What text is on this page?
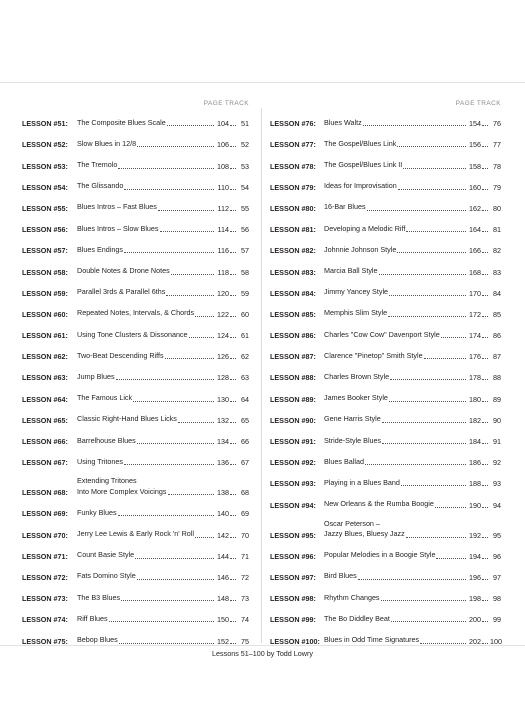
PAGE TRACK
LESSON #51: The Composite Blues Scale	104	51
LESSON #52: Slow Blues in 12/8	106	52
LESSON #53: The Tremolo	108	53
LESSON #54: The Glissando	110	54
LESSON #55: Blues Intros – Fast Blues	112	55
LESSON #56: Blues Intros – Slow Blues	114	56
LESSON #57: Blues Endings	116	57
LESSON #58: Double Notes & Drone Notes	118	58
LESSON #59: Parallel 3rds & Parallel 6ths	120	59
LESSON #60: Repeated Notes, Intervals, & Chords	122	60
LESSON #61: Using Tone Clusters & Dissonance	124	61
LESSON #62: Two-Beat Descending Riffs	126	62
LESSON #63: Jump Blues	128	63
LESSON #64: The Famous Lick	130	64
LESSON #65: Classic Right-Hand Blues Licks	132	65
LESSON #66: Barrelhouse Blues	134	66
LESSON #67: Using Tritones	136	67
LESSON #68:
Extending Tritones
Into More Complex Voicings	138	68
LESSON #69: Funky Blues	140	69
LESSON #70: Jerry Lee Lewis & Early Rock 'n' Roll	142	70
LESSON #71: Count Basie Style	144	71
LESSON #72: Fats Domino Style	146	72
LESSON #73: The B3 Blues	148	73
LESSON #74: Riff Blues	150	74
LESSON #75: Bebop Blues	152	75
PAGE TRACK
LESSON #76: Blues Waltz	154	76
LESSON #77: The Gospel/Blues Link	156	77
LESSON #78: The Gospel/Blues Link II	158	78
LESSON #79: Ideas for Improvisation	160	79
LESSON #80: 16-Bar Blues	162	80
LESSON #81: Developing a Melodic Riff	164	81
LESSON #82: Johnnie Johnson Style	166	82
LESSON #83: Marcia Ball Style	168	83
LESSON #84: Jimmy Yancey Style	170	84
LESSON #85: Memphis Slim Style	172	85
LESSON #86: Charles "Cow Cow" Davenport Style	174	86
LESSON #87: Clarence "Pinetop" Smith Style	176	87
LESSON #88: Charles Brown Style	178	88
LESSON #89: James Booker Style	180	89
LESSON #90: Gene Harris Style	182	90
LESSON #91: Stride-Style Blues	184	91
LESSON #92: Blues Ballad	186	92
LESSON #93: Playing in a Blues Band	188	93
LESSON #94: New Orleans & the Rumba Boogie	190	94
LESSON #95:
Oscar Peterson –
Jazzy Blues, Bluesy Jazz	192	95
LESSON #96: Popular Melodies in a Boogie Style	194	96
LESSON #97: Bird Blues	196	97
LESSON #98: Rhythm Changes	198	98
LESSON #99: The Bo Diddley Beat	200	99
LESSON #100: Blues in Odd Time Signatures	202 100
Lessons 51–100 by Todd Lowry
